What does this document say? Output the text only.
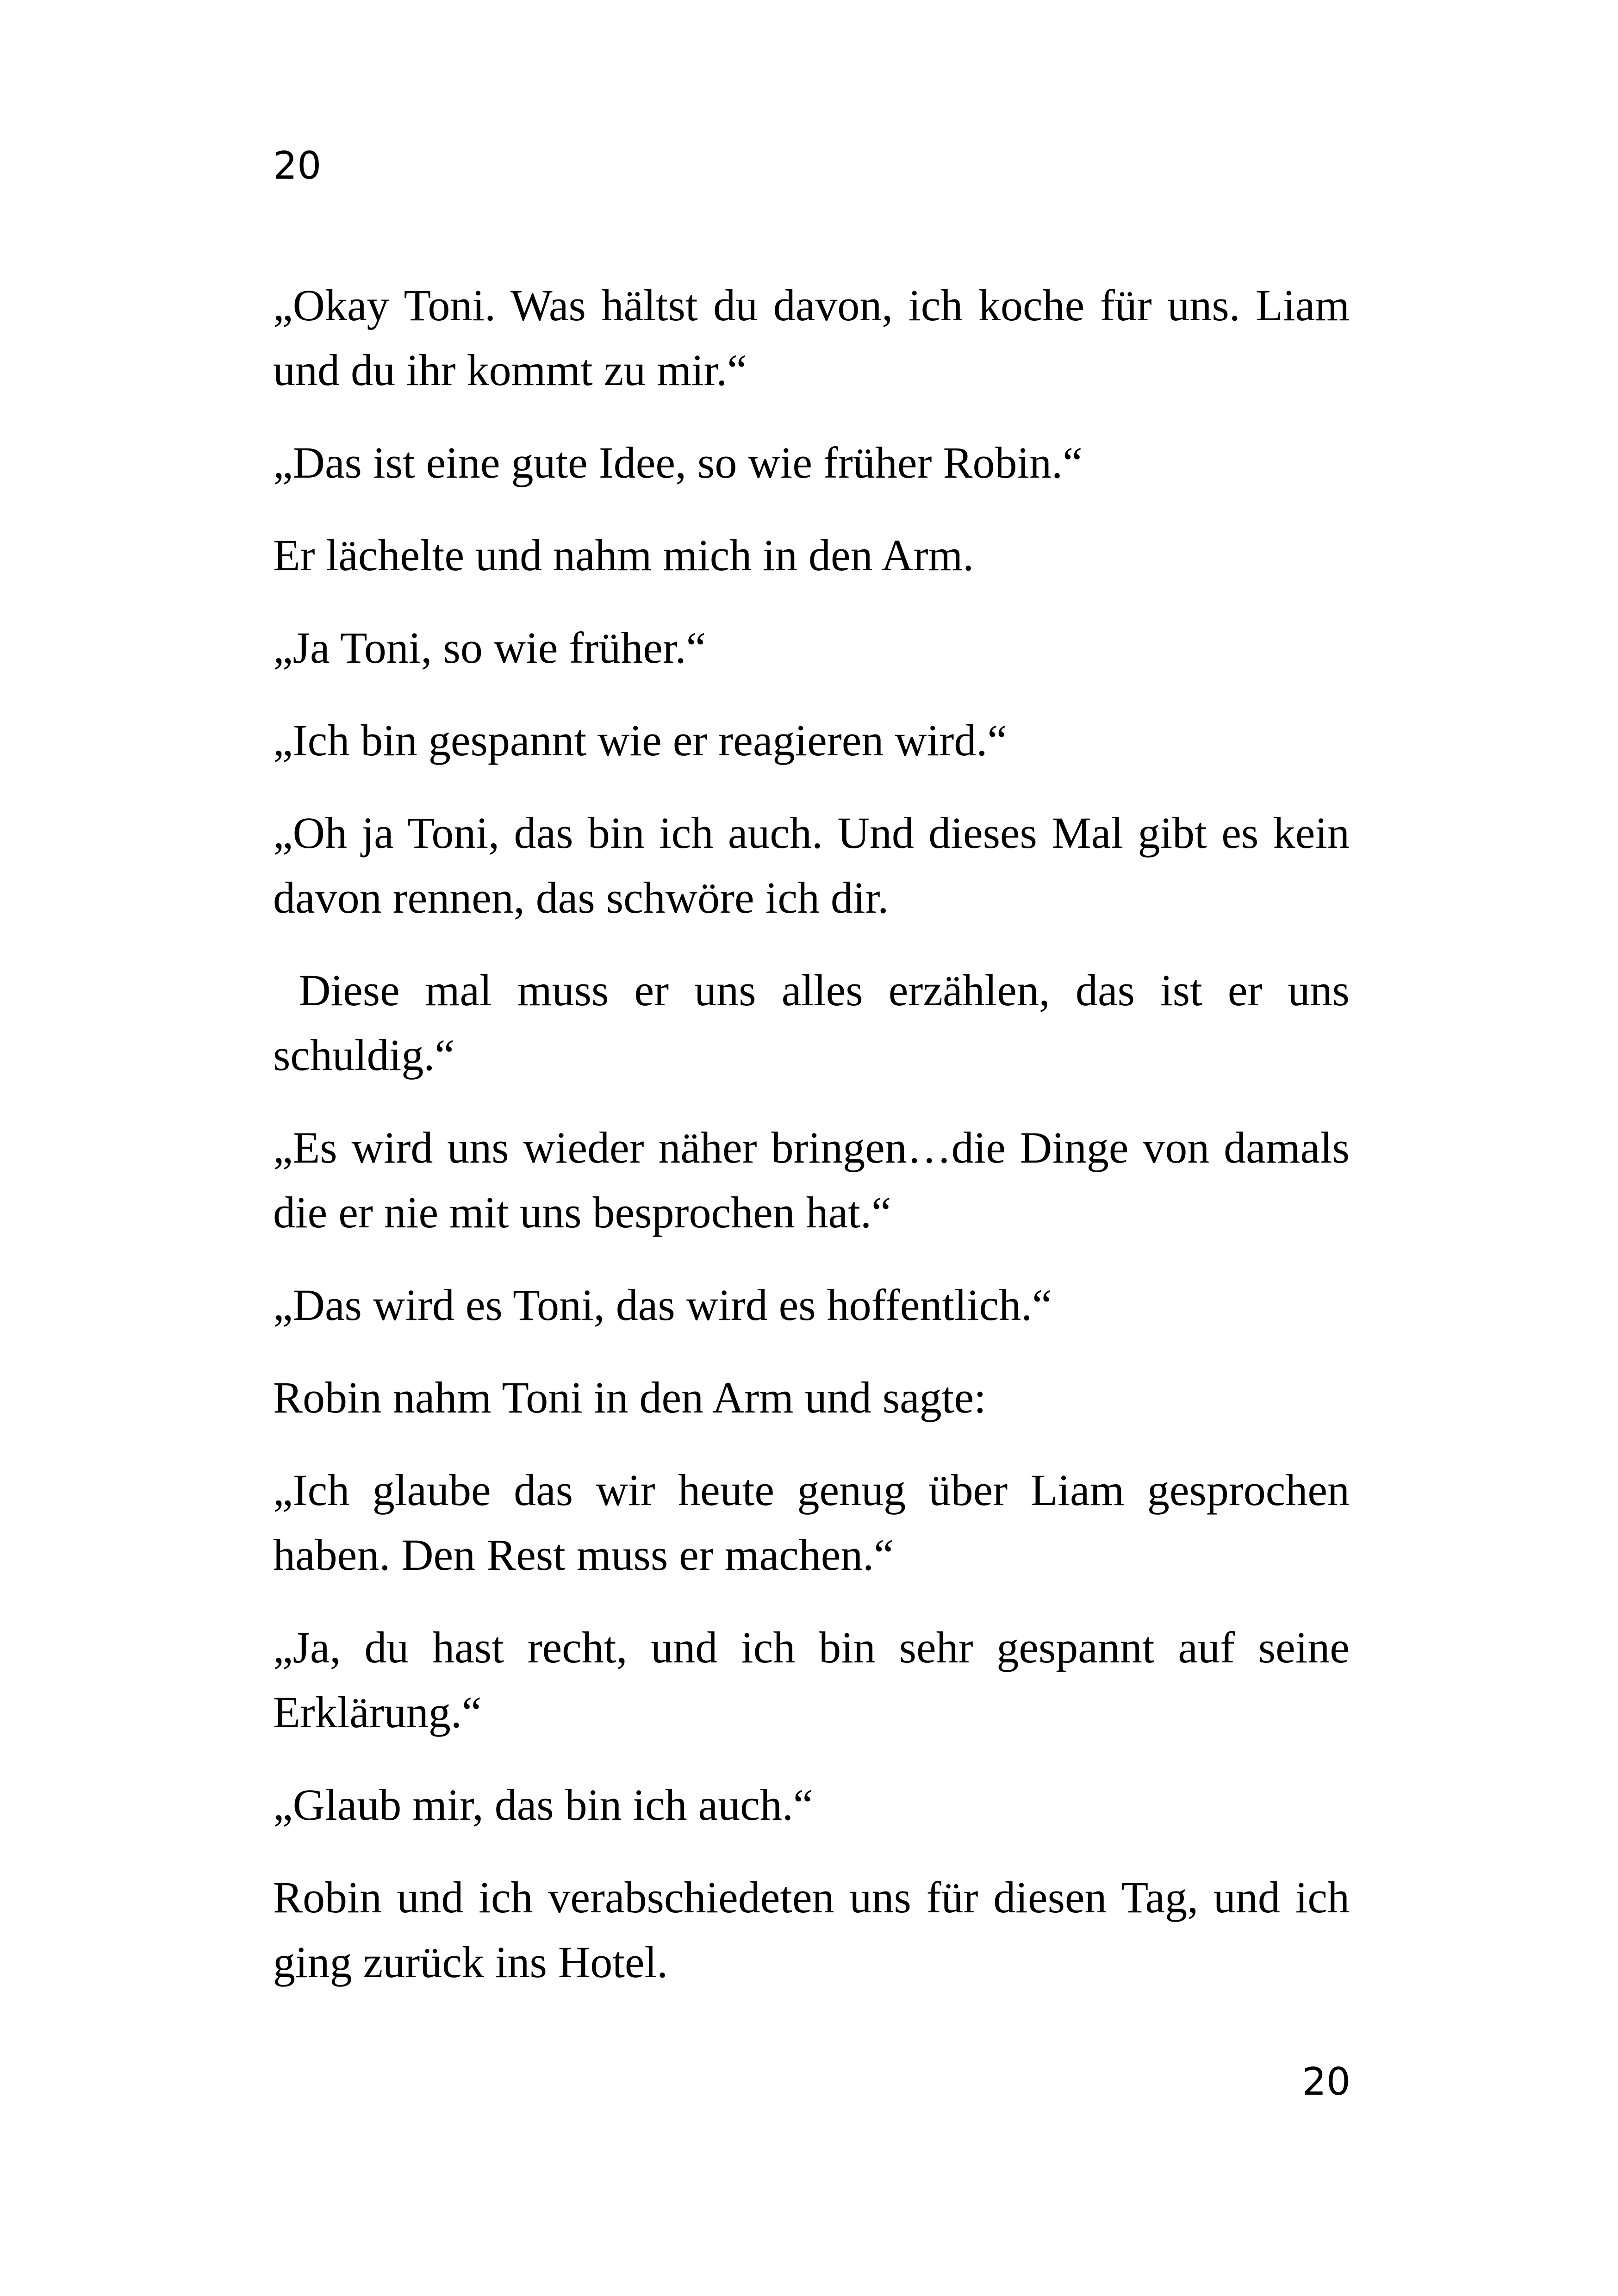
20

„Okay Toni. Was hältst du davon, ich koche für uns. Liam und du ihr kommt zu mir.“

„Das ist eine gute Idee, so wie früher Robin.“

Er lächelte und nahm mich in den Arm.

„Ja Toni, so wie früher.“

„Ich bin gespannt wie er reagieren wird.“

„Oh ja Toni, das bin ich auch. Und dieses Mal gibt es kein davon rennen, das schwöre ich dir.

Diese mal muss er uns alles erzählen, das ist er uns schuldig.“

„Es wird uns wieder näher bringen…die Dinge von damals die er nie mit uns besprochen hat.“

„Das wird es Toni, das wird es hoffentlich.“

Robin nahm Toni in den Arm und sagte:

„Ich glaube das wir heute genug über Liam gesprochen haben. Den Rest muss er machen.“

„Ja, du hast recht, und ich bin sehr gespannt auf seine Erklärung.“

„Glaub mir, das bin ich auch.“

Robin und ich verabschiedeten uns für diesen Tag, und ich ging zurück ins Hotel.

20
